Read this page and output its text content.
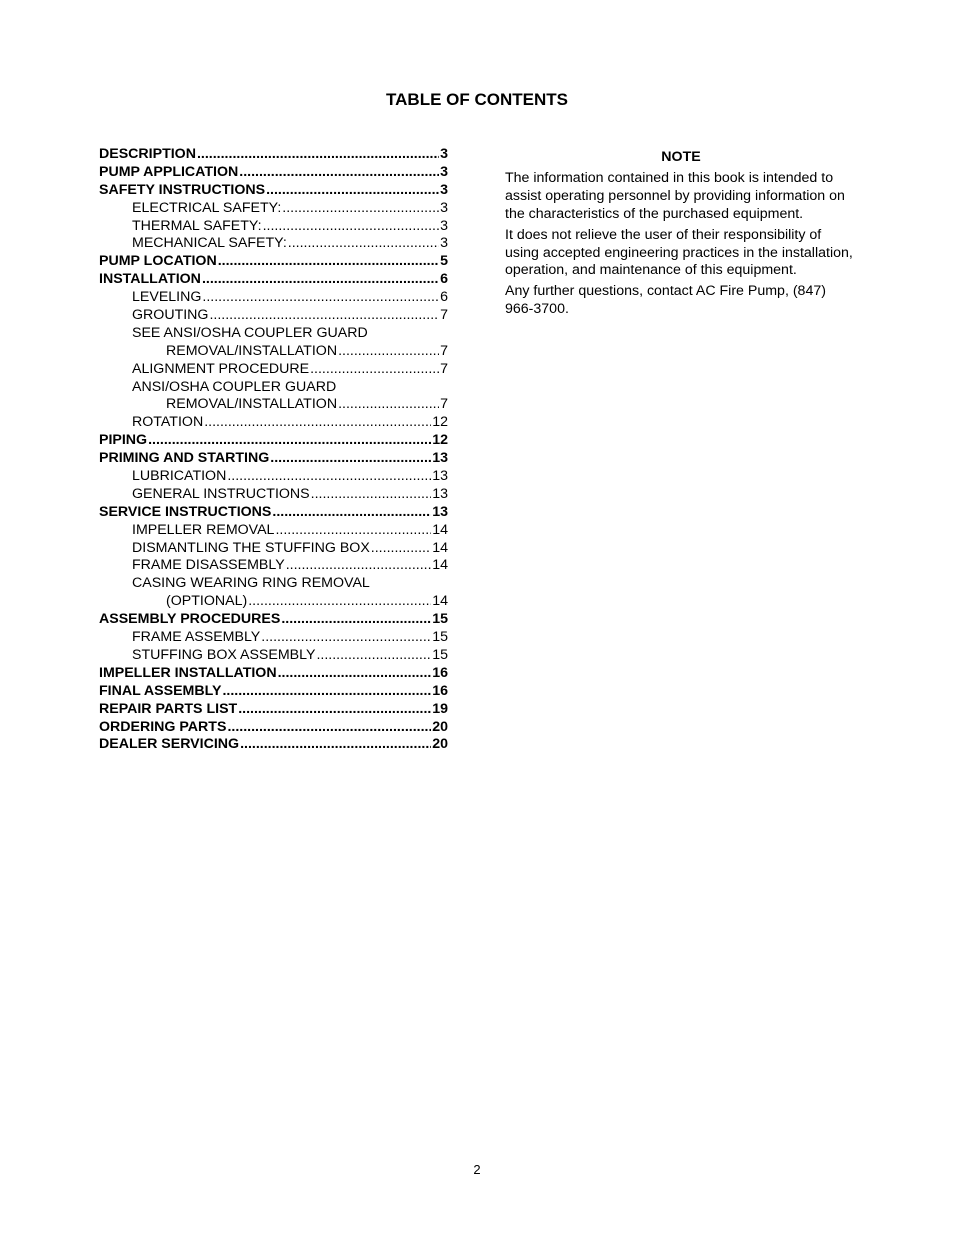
TABLE OF CONTENTS
DESCRIPTION .....	3
PUMP APPLICATION .....	3
SAFETY INSTRUCTIONS .....	3
ELECTRICAL SAFETY: .....	3
THERMAL SAFETY: .....	3
MECHANICAL SAFETY: .....	3
PUMP LOCATION .....	5
INSTALLATION .....	6
LEVELING .....	6
GROUTING .....	7
SEE ANSI/OSHA COUPLER GUARD
REMOVAL/INSTALLATION .....	7
ALIGNMENT PROCEDURE .....	7
ANSI/OSHA COUPLER GUARD
REMOVAL/INSTALLATION .....	7
ROTATION .....	12
PIPING .....	12
PRIMING AND STARTING .....	13
LUBRICATION .....	13
GENERAL INSTRUCTIONS .....	13
SERVICE INSTRUCTIONS .....	13
IMPELLER REMOVAL .....	14
DISMANTLING THE STUFFING BOX .....	14
FRAME DISASSEMBLY .....	14
CASING WEARING RING REMOVAL
(OPTIONAL) .....	14
ASSEMBLY PROCEDURES .....	15
FRAME ASSEMBLY .....	15
STUFFING BOX ASSEMBLY .....	15
IMPELLER INSTALLATION .....	16
FINAL ASSEMBLY .....	16
REPAIR PARTS LIST .....	19
ORDERING PARTS .....	20
DEALER SERVICING .....	20
NOTE

The information contained in this book is intended to assist operating personnel by providing information on the characteristics of the purchased equipment.

It does not relieve the user of their responsibility of using accepted engineering practices in the installation, operation, and maintenance of this equipment.

Any further questions, contact AC Fire Pump, (847) 966-3700.

2
